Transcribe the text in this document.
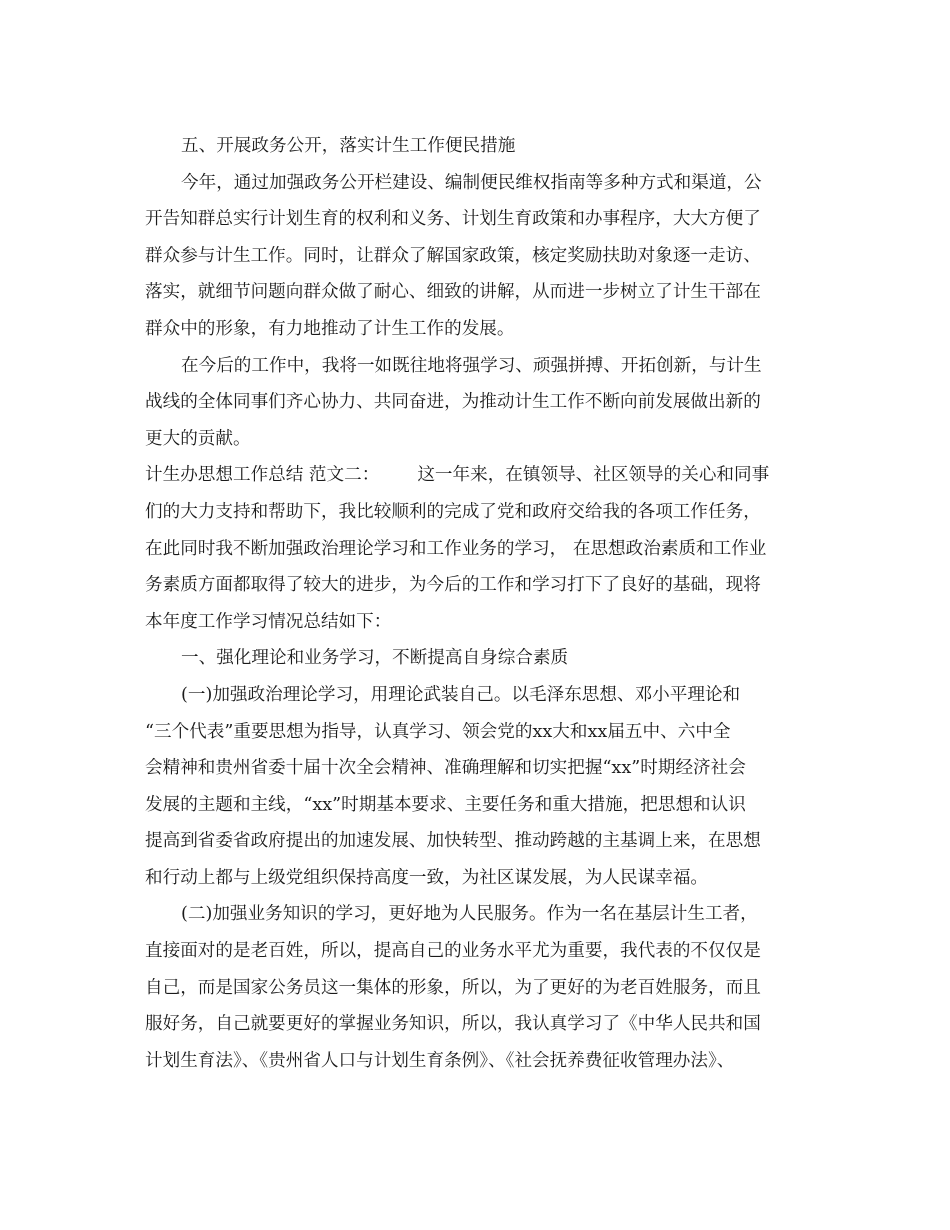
五、开展政务公开，落实计生工作便民措施
今年，通过加强政务公开栏建设、编制便民维权指南等多种方式和渠道，公
开告知群总实行计划生育的权利和义务、计划生育政策和办事程序，大大方便了
群众参与计生工作。同时，让群众了解国家政策，核定奖励扶助对象逐一走访、
落实，就细节问题向群众做了耐心、细致的讲解，从而进一步树立了计生干部在
群众中的形象，有力地推动了计生工作的发展。
在今后的工作中，我将一如既往地将强学习、顽强拼搏、开拓创新，与计生
战线的全体同事们齐心协力、共同奋进，为推动计生工作不断向前发展做出新的
更大的贡献。
计生办思想工作总结 范文二： 这一年来，在镇领导、社区领导的关心和同事
们的大力支持和帮助下，我比较顺利的完成了党和政府交给我的各项工作任务，
在此同时我不断加强政治理论学习和工作业务的学习， 在思想政治素质和工作业
务素质方面都取得了较大的进步，为今后的工作和学习打下了良好的基础，现将
本年度工作学习情况总结如下：
一、强化理论和业务学习，不断提高自身综合素质
(一)加强政治理论学习，用理论武装自己。以毛泽东思想、邓小平理论和
“三个代表”重要思想为指导，认真学习、领会党的xx大和xx届五中、六中全
会精神和贵州省委十届十次全会精神、准确理解和切实把握“xx”时期经济社会
发展的主题和主线，“xx”时期基本要求、主要任务和重大措施，把思想和认识
提高到省委省政府提出的加速发展、加快转型、推动跨越的主基调上来，在思想
和行动上都与上级党组织保持高度一致，为社区谋发展，为人民谋幸福。
(二)加强业务知识的学习，更好地为人民服务。作为一名在基层计生工者，
直接面对的是老百姓，所以，提高自己的业务水平尤为重要，我代表的不仅仅是
自己，而是国家公务员这一集体的形象，所以，为了更好的为老百姓服务，而且
服好务，自己就要更好的掌握业务知识，所以，我认真学习了《中华人民共和国
计划生育法》、《贵州省人口与计划生育条例》、《社会抚养费征收管理办法》、
